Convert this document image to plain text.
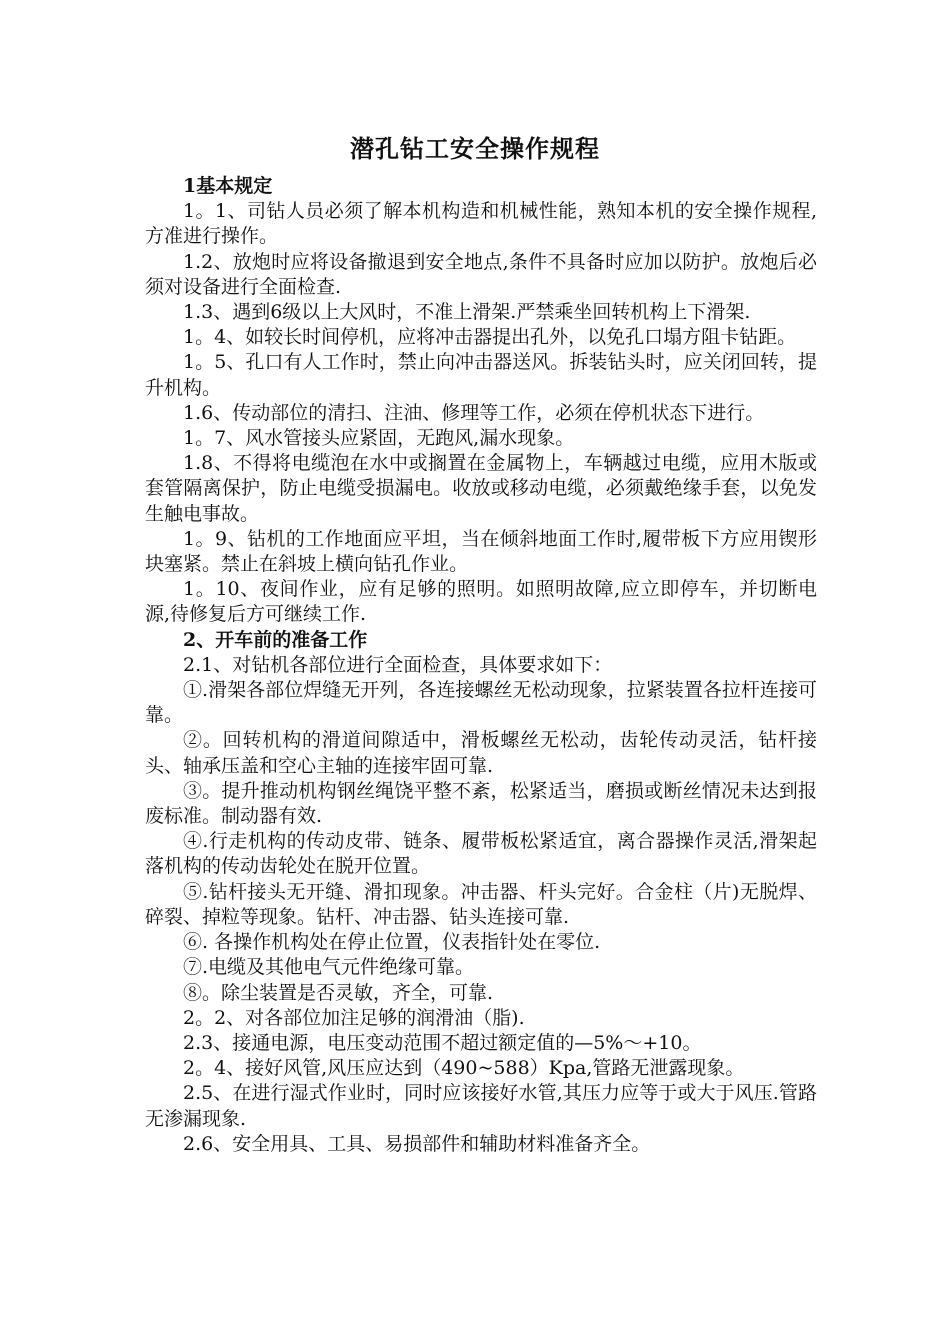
潜孔钻工安全操作规程

1基本规定

1。1、司钻人员必须了解本机构造和机械性能，熟知本机的安全操作规程,方准进行操作。

1.2、放炮时应将设备撤退到安全地点,条件不具备时应加以防护。放炮后必须对设备进行全面检查.

1.3、遇到6级以上大风时，不准上滑架.严禁乘坐回转机构上下滑架.

1。4、如较长时间停机，应将冲击器提出孔外，以免孔口塌方阻卡钻距。

1。5、孔口有人工作时，禁止向冲击器送风。拆装钻头时，应关闭回转，提升机构。

1.6、传动部位的清扫、注油、修理等工作，必须在停机状态下进行。

1。7、风水管接头应紧固，无跑风,漏水现象。

1.8、不得将电缆泡在水中或搁置在金属物上，车辆越过电缆，应用木版或套管隔离保护，防止电缆受损漏电。收放或移动电缆，必须戴绝缘手套，以免发生触电事故。

1。9、钻机的工作地面应平坦，当在倾斜地面工作时,履带板下方应用锲形块塞紧。禁止在斜坡上横向钻孔作业。

1。10、夜间作业，应有足够的照明。如照明故障,应立即停车，并切断电源,待修复后方可继续工作.

2、开车前的准备工作

2.1、对钻机各部位进行全面检查，具体要求如下：

①.滑架各部位焊缝无开列，各连接螺丝无松动现象，拉紧装置各拉杆连接可靠。

②。回转机构的滑道间隙适中，滑板螺丝无松动，齿轮传动灵活，钻杆接头、轴承压盖和空心主轴的连接牢固可靠.

③。提升推动机构钢丝绳饶平整不紊，松紧适当，磨损或断丝情况未达到报废标准。制动器有效.

④.行走机构的传动皮带、链条、履带板松紧适宜，离合器操作灵活,滑架起落机构的传动齿轮处在脱开位置。

⑤.钻杆接头无开缝、滑扣现象。冲击器、杆头完好。合金柱（片)无脱焊、碎裂、掉粒等现象。钻杆、冲击器、钻头连接可靠.

⑥. 各操作机构处在停止位置，仪表指针处在零位.

⑦.电缆及其他电气元件绝缘可靠。

⑧。除尘装置是否灵敏，齐全，可靠.

2。2、对各部位加注足够的润滑油（脂).

2.3、接通电源，电压变动范围不超过额定值的—5%～+10。

2。4、接好风管,风压应达到（490~588）Kpa,管路无泄露现象。

2.5、在进行湿式作业时，同时应该接好水管,其压力应等于或大于风压.管路无渗漏现象.

2.6、安全用具、工具、易损部件和辅助材料准备齐全。
